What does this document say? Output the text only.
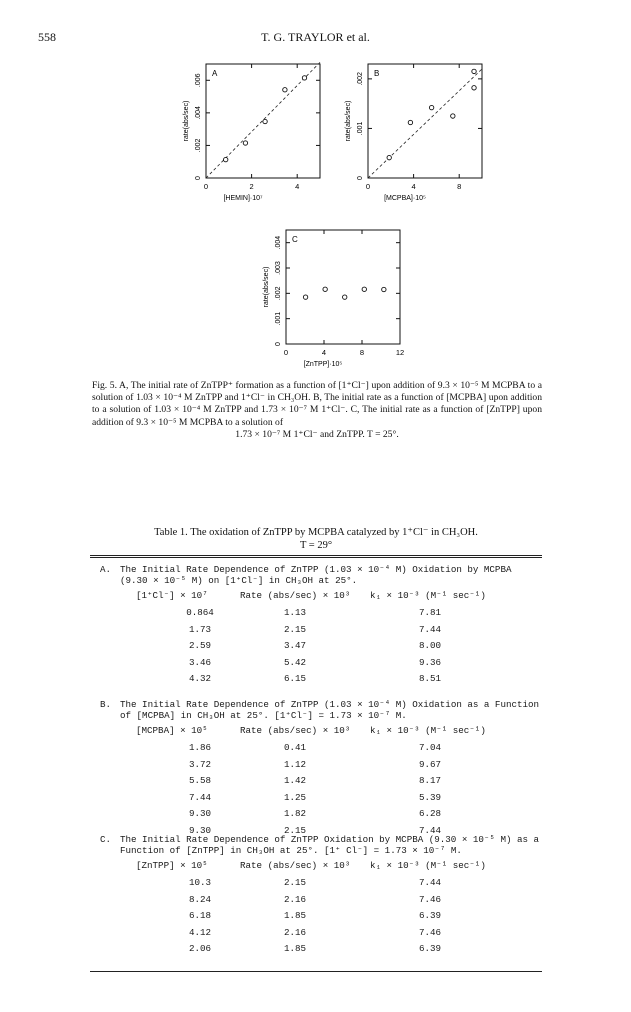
558	T. G. TRAYLOR et al.
A
0
.002
.004
.006
0	2	4
[HEMIN]·10⁷
rate(abs/sec)
B
0
.001
.002
0	4	8
[MCPBA]·10⁵
rate(abs/sec)
C
0
.001
.002
.003
.004
0	4	8	12
[ZnTPP]·10⁵
rate(abs/sec)
Fig. 5. A, The initial rate of ZnTPP⁺ formation as a function of [1⁺Cl⁻] upon addition of 9.3 × 10⁻⁵ M MCPBA to a solution of 1.03 × 10⁻⁴ M ZnTPP and 1⁺Cl⁻ in CH₃OH. B, The initial rate as a function of [MCPBA] upon addition to a solution of 1.03 × 10⁻⁴ M ZnTPP and 1.73 × 10⁻⁷ M 1⁺Cl⁻. C, The initial rate as a function of [ZnTPP] upon addition of 9.3 × 10⁻⁵ M MCPBA to a solution of
1.73 × 10⁻⁷ M 1⁺Cl⁻ and ZnTPP. T = 25°.
Table 1. The oxidation of ZnTPP by MCPBA catalyzed by 1⁺Cl⁻ in CH₃OH.
T = 29°
A. The Initial Rate Dependence of ZnTPP (1.03 × 10⁻⁴ M) Oxidation by MCPBA (9.30 × 10⁻⁵ M) on [1⁺Cl⁻] in CH₃OH at 25°.
[1⁺Cl⁻] × 10⁷	Rate (abs/sec) × 10³ k₁ × 10⁻³ (M⁻¹ sec⁻¹)
0.864	1.13	7.81
1.73	2.15	7.44
2.59	3.47	8.00
3.46	5.42	9.36
4.32	6.15	8.51
B. The Initial Rate Dependence of ZnTPP (1.03 × 10⁻⁴ M) Oxidation as a Function of [MCPBA] in CH₃OH at 25°. [1⁺Cl⁻] = 1.73 × 10⁻⁷ M.
[MCPBA] × 10⁵	Rate (abs/sec) × 10³ k₁ × 10⁻³ (M⁻¹ sec⁻¹)
1.86	0.41	7.04
3.72	1.12	9.67
5.58	1.42	8.17
7.44	1.25	5.39
9.30	1.82	6.28
9.30	2.15	7.44
C. The Initial Rate Dependence of ZnTPP Oxidation by MCPBA (9.30 × 10⁻⁵ M) as a Function of [ZnTPP] in CH₃OH at 25°. [1⁺ Cl⁻] = 1.73 × 10⁻⁷ M.
[ZnTPP] × 10⁵	Rate (abs/sec) × 10³ k₁ × 10⁻³ (M⁻¹ sec⁻¹)
10.3	2.15	7.44
8.24	2.16	7.46
6.18	1.85	6.39
4.12	2.16	7.46
2.06	1.85	6.39
